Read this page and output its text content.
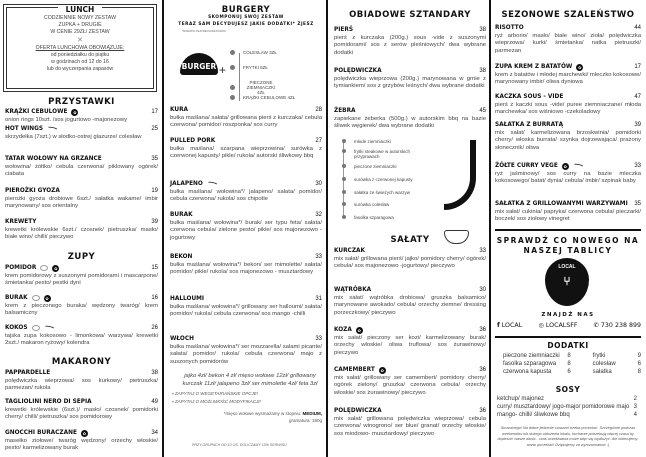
LUNCH
CODZIENNIE NOWY ZESTAW
ZUPKA + DRUGIE
W CENIE 29ZŁ/ ZESTAW
✕
OFERTA LUNCHOWA OBOWIĄZUJE:
od poniedziałku do piątku
w godzinach od 12 do 16
lub do wyczerpania zapasów
PRZYSTAWKI
ZUPY
MAKARONY
KRĄŻKI CEBULOWE	✿	17
onion rings 10szt. /sos jogurtowo -majonezowy
HOT WINGS	25
skrzydełka (7szt.) w słodko-ostrej glazurze/ colesław
TATAR WOŁOWY NA GRZANCE	35
wołowina/ żółtko/ cebula czerwona/ piklowany ogórek/ ciabata
PIEROŻKI GYOZA	19
pierożki gyoza drobiowe 6szt./ sałatka wakame/ imbir marynowany/ sos orientalny
KREWETY	39
krewetki królewskie 6szt./ czosnek/ pietruszka/ masło/ białe wino/ chilli/ pieczywo
POMIDOR	✿	15
krem pomidorowy z suszonymi pomidorami i mascarpone/ śmietanka/ pesto/ pestki dyni
BURAK	✿	16
krem z pieczonego buraka/ wędzony twaróg/ krem balsamiczny
KOKOS	26
tajska zupa kokosowo - limonkowa/ warzywa/ krewetki 2szt./ makaron ryżowy/ kolendra
PAPPARDELLE	38
polędwiczka wieprzowa/ sos kurkowy/ pietruszka/ parmezan/ rukola
TAGLIOLINI NERO DI SEPIA	49
krewetki królewskie (6szt.)/ masło/ czosnek/ pomidorki cherry/ chilli/ pietruszka/ sos pomidorowy
GNOCCHI BURACZANE	✿	34
masełko ziołowe/ twaróg wędzony/ orzechy włoskie/ pesto/ karmelizowany burak
BURGERY
SKOMPONUJ SWÓJ ZESTAW
TERAZ SAM DECYDUJESZ JAKIE DODATKI* ZJESZ
*DODATKI PŁATNE DODATKOWO
BURGER +
COLESŁAW 3ZŁ
FRYTKI 5ZŁ
PIECZONE ZIEMNIACZKI 4ZŁ
KRĄŻKI CEBULOWE 4ZŁ
jajko 4zł/ bekon 4 zł/ mięso wołowe 12zł/ grillowany kurczak 11zł/ jalapeno 3zł/ ser mimolette 4zł/ feta 3zł
▪ ZAPYTAJ O WEGETARIAŃSKIE OPCJE!
▪ ZAPYTAJ O MOŻLIWOŚĆ MODYFIKACJI!
*mięso wołowe wysmażamy w stopniu: MEDIUM,
gramatura: 180g
PRZY GRUPACH OD 10 OS. DOLICZAMY 10% SERWISU
KURA	28
bułka maślana/ sałata/ grillowana pierś z kurczaka/ cebula czerwona/ pomidor/ roszponka/ sos curry
PULLED PORK	27
bułka maślana/ szarpana wieprzowina/ surówka z czerwonej kapusty/ pikle/ rukola/ autorski śliwkowy bbq
JALAPENO	30
bułka maślana/ wołowina*/ jalapeno/ sałata/ pomidor/ cebula czerwona/ rukola/ sos chipotle
BURAK	32
bułka maślana/ wołowina*/ burak/ ser typu feta/ sałata/ czerwona cebula/ zielone pesto/ pikle/ sos majonezowo - jogurtowy
BEKON	33
bułka maślana/ wołowina*/ bekon/ ser mimolette/ sałata/ pomidor/ pikle/ rukola/ sos majonezowo - musztardowy
HALLOUMI	31
bułka maślana/ wołowina*/ grillowany ser halloumi/ sałata/ pomidor/ rukola/ cebula czerwona/ sos mango -chilli
WŁOCH	33
bułka maślana/ wołowina*/ ser mozzarella/ salami picante/ sałata/ pomidor/ rukola/ cebula czerwona/ majo z suszonych pomidorów
OBIADOWE SZTANDARY
młode ziemniaczki
frytki steakowe w autorskich przyprawach
pieczone ziemniaczki
surówka z czerwonej kapusty
sałatka ze świeżych warzyw
surówka colesław
fasolka szparagowa
SAŁATY
PIERŚ	38
pierś z kurczaka (200g.) sous -vide z suszonymi pomidorami/ sos z serów pleśniowych/ dwa wybrane dodatki
POLĘDWICZKA	38
polędwiczka wieprzowa (200g.) marynowana w grnie z tymiankiem/ sos z grzybów leśnych/ dwa wybrane dodatki
ŻEBRA	45
zapiekane żeberka (500g.) w autorskim bbq na bazie śliwek węgierek/ dwa wybrane dodatki
KURCZAK	33
mix sałat/ grillowana pierś/ jajko/ pomidory cherry/ ogórek/ cebula/ sos majonezowo -jogurtowy/ pieczywo
WĄTRÓBKA	30
mix sałat/ wątróbka drobiowa/ gruszka balsamico/ marynowane awokado/ cebula/ orzechy ziemne/ dressing porzeczkowy/ pieczywo
KOZA	✿	36
mix sałat/ pieczony ser kozi/ karmelizowany burak/ orzechy włoskie/ oliwa truflowa/ sos żurawinowy/ pieczywo
CAMEMBERT	✿	36
mix sałat/ grillowany ser camembert/ pomidory cherry/ ogórek zielony/ gruszka/ czerwona cebula/ orzechy włoskie/ sos żurawinowy/ pieczywo
POLĘDWICZKA	36
mix sałat/ grillowana polędwiczka wieprzowa/ cebula czerwona/ winogrono/ ser blue/ granat/ orzechy włoskie/ sos miodowo- musztardowy/ pieczywo
SEZONOWE SZALEŃSTWO
SPRAWDŹ CO NOWEGO NA
NASZEJ TABLICY
LOCAL
⑂
ZNAJDŹ NAS
f LOCAL	◎ LOCALSFF	✆ 730 238 899
DODATKI
pieczone ziemniaczki	8
fasolka szparagowa	8
czerwona kapusta	6
frytki	9
colesław	6
sałatka	8
SOSY
ketchup/ majonez	2
curry/ musztardowy/ jogo-majo/ pomidorowe majo 3
mango- chilli/ śliwkowe bbq	4
Smacznego! Na dobre jedzenie czasami trzeba poczekać. Szczególnie podczas weekendów lub dużego obłożenia lokalu, kucharze potrzebują więcej czasu by dopieścić wasze dania - czas oczekiwania może więc się wydłużyć. Ale obiecujemy: warto poczekać! Dziękujemy za wyrozumiałość :)
RISOTTO	44
ryż arborio/ masło/ białe wino/ zioła/ polędwiczka wieprzowa/ kurki/ śmietanka/ natka pietruszki/ parmezan
ZUPA KREM Z BATATÓW	✿	17
krem z batatów i młodej marchewki/ mleczko kokosowe/ marynowany imbir/ oliwa dyniowa
KACZKA SOUS - VIDE	47
pierś z kaczki sous -vide/ puree ziemniaczane/ młoda marchewka/ sos wiśniowo -czekoladowy
SAŁATKA Z BURRATĄ	39
mix sałat/ karmelizowana brzoskwinia/ pomidorki cherry/ włoska burrata/ szynka dojrzewająca/ prażony słonecznik/ oliwa
ŻÓŁTE CURRY VEGE	✿	33
ryż jaśminowy/ sos curry na bazie mleczka kokosowego/ batat/ dynia/ cebula/ imbir/ szpinak baby
SAŁATKA Z GRILLOWANYMI WARZYWAMI 35
mix sałat/ cukinia/ papryka/ czerwona cebula/ pieczarki/ boczek/ sos ziołowy vinegret
